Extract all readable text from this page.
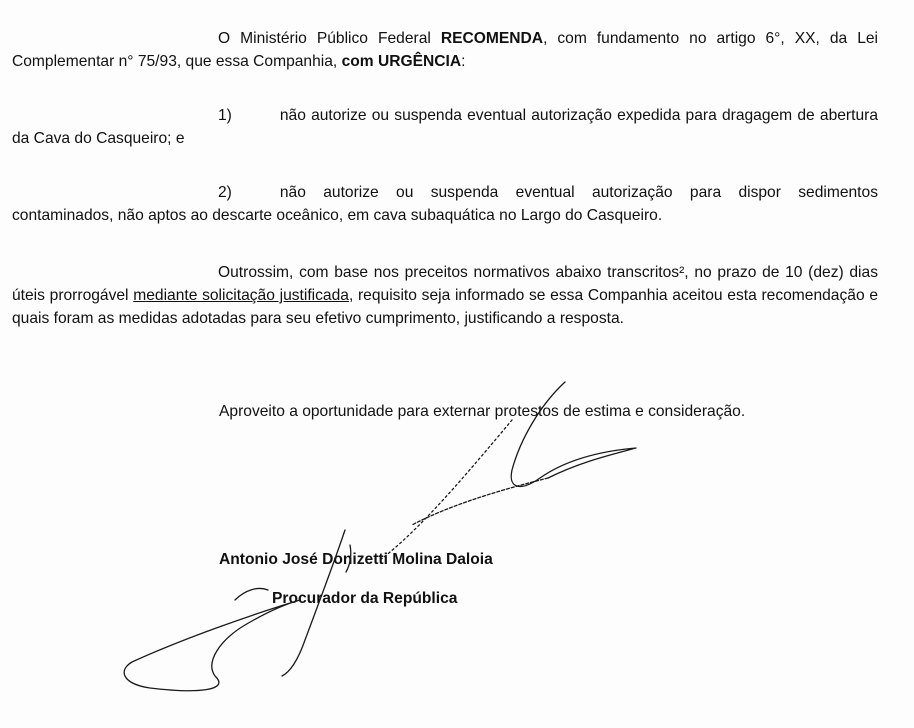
O Ministério Público Federal RECOMENDA, com fundamento no artigo 6°, XX, da Lei Complementar n° 75/93, que essa Companhia, com URGÊNCIA:
1)	não autorize ou suspenda eventual autorização expedida para dragagem de abertura da Cava do Casqueiro; e
2)	não autorize ou suspenda eventual autorização para dispor sedimentos contaminados, não aptos ao descarte oceânico, em cava subaquática no Largo do Casqueiro.
Outrossim, com base nos preceitos normativos abaixo transcritos², no prazo de 10 (dez) dias úteis prorrogável mediante solicitação justificada, requisito seja informado se essa Companhia aceitou esta recomendação e quais foram as medidas adotadas para seu efetivo cumprimento, justificando a resposta.
Aproveito a oportunidade para externar protestos de estima e consideração.
Antonio José Donizetti Molina Daloia
Procurador da República
